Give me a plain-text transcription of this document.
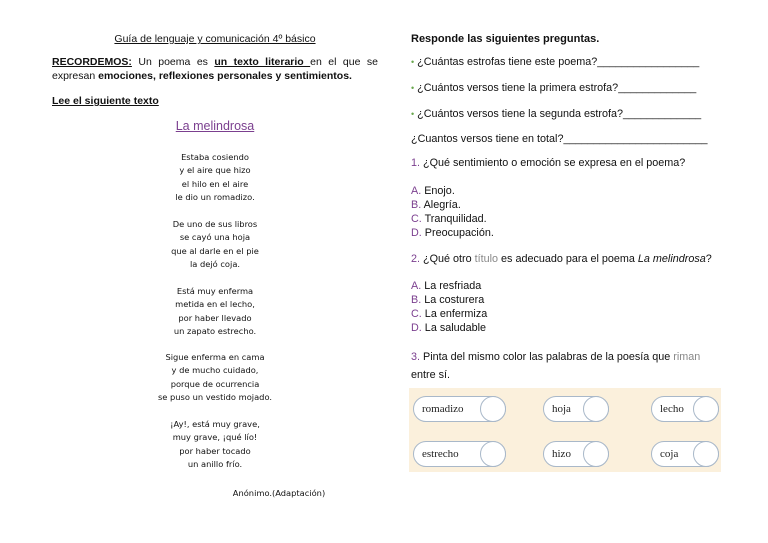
Guía de lenguaje y comunicación 4º básico
RECORDEMOS: Un poema es un texto literario en el que se expresan emociones, reflexiones personales y sentimientos.
Lee el siguiente texto
La melindrosa
Estaba cosiendo
y el aire que hizo
el hilo en el aire
le dio un romadizo.
De uno de sus libros
se cayó una hoja
que al darle en el pie
la dejó coja.
Está muy enferma
metida en el lecho,
por haber llevado
un zapato estrecho.
Sigue enferma en cama
y de mucho cuidado,
porque de ocurrencia
se puso un vestido mojado.
¡Ay!, está muy grave,
muy grave, ¡qué lío!
por haber tocado
un anillo frío.
Anónimo.(Adaptación)
Responde las siguientes preguntas.
• ¿Cuántas estrofas tiene este poema?_________________
• ¿Cuántos versos tiene la primera estrofa?_____________
• ¿Cuántos versos tiene la segunda estrofa?_____________
¿Cuantos versos tiene en total?________________________
1. ¿Qué sentimiento o emoción se expresa en el poema?
A. Enojo.
B. Alegría.
C. Tranquilidad.
D. Preocupación.
2. ¿Qué otro título es adecuado para el poema La melindrosa?
A. La resfriada
B. La costurera
C. La enfermiza
D. La saludable
3. Pinta del mismo color las palabras de la poesía que riman
entre sí.
romadizo	hoja	lecho
estrecho	hizo	coja
